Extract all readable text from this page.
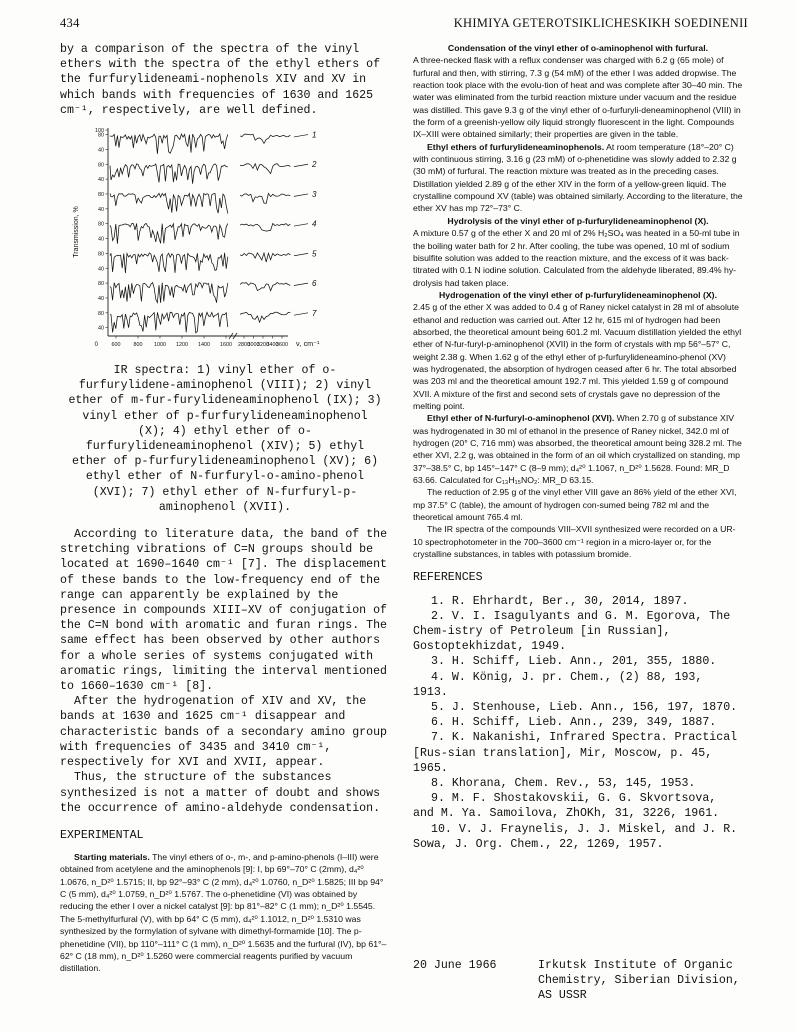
434	KHIMIYA GETEROTSIKLICHESKIKH SOEDINENII

by a comparison of the spectra of the vinyl ethers with the spectra of the ethyl ethers of the furfurylideneami-nophenols XIV and XV in which bands with frequencies of 1630 and 1625 cm⁻¹, respectively, are well defined.

Transmission, %
600 800 1000 1200 1400 1600 2800
3000
3200
3400
3600 ν, cm⁻¹
0
100
80
40
1
80
40
2
80
40
3
80
40
4
80
40
5
80
40
6
80
40
7

IR spectra: 1) vinyl ether of o-furfurylidene-aminophenol (VIII); 2) vinyl ether of m-fur-furylideneaminophenol (IX); 3) vinyl ether of p-furfurylideneaminophenol (X); 4) ethyl ether of o-furfurylideneaminophenol (XIV); 5) ethyl ether of p-furfurylideneaminophenol (XV); 6) ethyl ether of N-furfuryl-o-amino-phenol (XVI); 7) ethyl ether of N-furfuryl-p-aminophenol (XVII).

According to literature data, the band of the stretching vibrations of C=N groups should be located at 1690–1640 cm⁻¹ [7]. The displacement of these bands to the low-frequency end of the range can apparently be explained by the presence in compounds XIII–XV of conjugation of the C=N bond with aromatic and furan rings. The same effect has been observed by other authors for a whole series of systems conjugated with aromatic rings, limiting the interval mentioned to 1660–1630 cm⁻¹ [8].

After the hydrogenation of XIV and XV, the bands at 1630 and 1625 cm⁻¹ disappear and characteristic bands of a secondary amino group with frequencies of 3435 and 3410 cm⁻¹, respectively for XVI and XVII, appear.

Thus, the structure of the substances synthesized is not a matter of doubt and shows the occurrence of amino-aldehyde condensation.

EXPERIMENTAL

Starting materials. The vinyl ethers of o-, m-, and p-amino-phenols (I–III) were obtained from acetylene and the aminophenols [9]: I, bp 69°–70° C (2mm), d₄²⁰ 1.0676, n_D²⁰ 1.5715; II, bp 92°–93° C (2 mm), d₄²⁰ 1.0760, n_D²⁰ 1.5825; III bp 94° C (5 mm), d₄²⁰ 1.0759, n_D²⁰ 1.5767. The o-phenetidine (VI) was obtained by reducing the ether I over a nickel catalyst [9]: bp 81°–82° C (1 mm); n_D²⁰ 1.5545. The 5-methylfurfural (V), with bp 64° C (5 mm), d₄²⁰ 1.1012, n_D²⁰ 1.5310 was synthesized by the formylation of sylvane with dimethyl-formamide [10]. The p-phenetidine (VII), bp 110°–111° C (1 mm), n_D²⁰ 1.5635 and the furfural (IV), bp 61°–62° C (18 mm), n_D²⁰ 1.5260 were commercial reagents purified by vacuum distillation.

Condensation of the vinyl ether of o-aminophenol with furfural.

A three-necked flask with a reflux condenser was charged with 6.2 g (65 mole) of furfural and then, with stirring, 7.3 g (54 mM) of the ether I was added dropwise. The reaction took place with the evolu-tion of heat and was complete after 30–40 min. The water was eliminated from the turbid reaction mixture under vacuum and the residue was distilled. This gave 9.3 g of the vinyl ether of o-furfuryli-deneaminophenol (VIII) in the form of a greenish-yellow oily liquid strongly fluorescent in the light. Compounds IX–XIII were obtained similarly; their properties are given in the table.

Ethyl ethers of furfurylideneaminophenols. At room temperature (18°–20° C) with continuous stirring, 3.16 g (23 mM) of o-phenetidine was slowly added to 2.32 g (30 mM) of furfural. The reaction mixture was treated as in the preceding cases. Distillation yielded 2.89 g of the ether XIV in the form of a yellow-green liquid. The crystalline compound XV (table) was obtained similarly. According to the literature, the ether XV has mp 72°–73° C.

Hydrolysis of the vinyl ether of p-furfurylideneaminophenol (X).

A mixture 0.57 g of the ether X and 20 ml of 2% H₂SO₄ was heated in a 50-ml tube in the boiling water bath for 2 hr. After cooling, the tube was opened, 10 ml of sodium bisulfite solution was added to the reaction mixture, and the excess of it was back-titrated with 0.1 N iodine solution. Calculated from the aldehyde liberated, 89.4% hy-drolysis had taken place.

Hydrogenation of the vinyl ether of p-furfurylideneaminophenol (X).

2.45 g of the ether X was added to 0.4 g of Raney nickel catalyst in 28 ml of absolute ethanol and reduction was carried out. After 12 hr, 615 ml of hydrogen had been absorbed, the theoretical amount being 601.2 ml. Vacuum distillation yielded the ethyl ether of N-fur-furyl-p-aminophenol (XVII) in the form of crystals with mp 56°–57° C, weight 2.38 g. When 1.62 g of the ethyl ether of p-furfurylideneamino-phenol (XV) was hydrogenated, the absorption of hydrogen ceased after 6 hr. The total absorbed was 203 ml and the theoretical amount 192.7 ml. This yielded 1.59 g of compound XVII. A mixture of the first and second sets of crystals gave no depression of the melting point.

Ethyl ether of N-furfuryl-o-aminophenol (XVI). When 2.70 g of substance XIV was hydrogenated in 30 ml of ethanol in the presence of Raney nickel, 342.0 ml of hydrogen (20° C, 716 mm) was absorbed, the theoretical amount being 328.2 ml. The ether XVI, 2.2 g, was obtained in the form of an oil which crystallized on standing, mp 37°–38.5° C, bp 145°–147° C (8–9 mm); d₄²⁰ 1.1067, n_D²⁰ 1.5628. Found: MR_D 63.66. Calculated for C₁₃H₁₅NO₂: MR_D 63.15.

The reduction of 2.95 g of the vinyl ether VIII gave an 86% yield of the ether XVI, mp 37.5° C (table), the amount of hydrogen con-sumed being 782 ml and the theoretical amount 765.4 ml.

The IR spectra of the compounds VIII–XVII synthesized were recorded on a UR-10 spectrophotometer in the 700–3600 cm⁻¹ region in a micro-layer or, for the crystalline substances, in tables with potassium bromide.

REFERENCES

1. R. Ehrhardt, Ber., 30, 2014, 1897.

2. V. I. Isagulyants and G. M. Egorova, The Chem-istry of Petroleum [in Russian], Gostoptekhizdat, 1949.

3. H. Schiff, Lieb. Ann., 201, 355, 1880.

4. W. König, J. pr. Chem., (2) 88, 193, 1913.

5. J. Stenhouse, Lieb. Ann., 156, 197, 1870.

6. H. Schiff, Lieb. Ann., 239, 349, 1887.

7. K. Nakanishi, Infrared Spectra. Practical [Rus-sian translation], Mir, Moscow, p. 45, 1965.

8. Khorana, Chem. Rev., 53, 145, 1953.

9. M. F. Shostakovskii, G. G. Skvortsova, and M. Ya. Samoilova, ZhOKh, 31, 3226, 1961.

10. V. J. Fraynelis, J. J. Miskel, and J. R. Sowa, J. Org. Chem., 22, 1269, 1957.

20 June 1966	Irkutsk Institute of Organic
Chemistry, Siberian Division,
AS USSR
